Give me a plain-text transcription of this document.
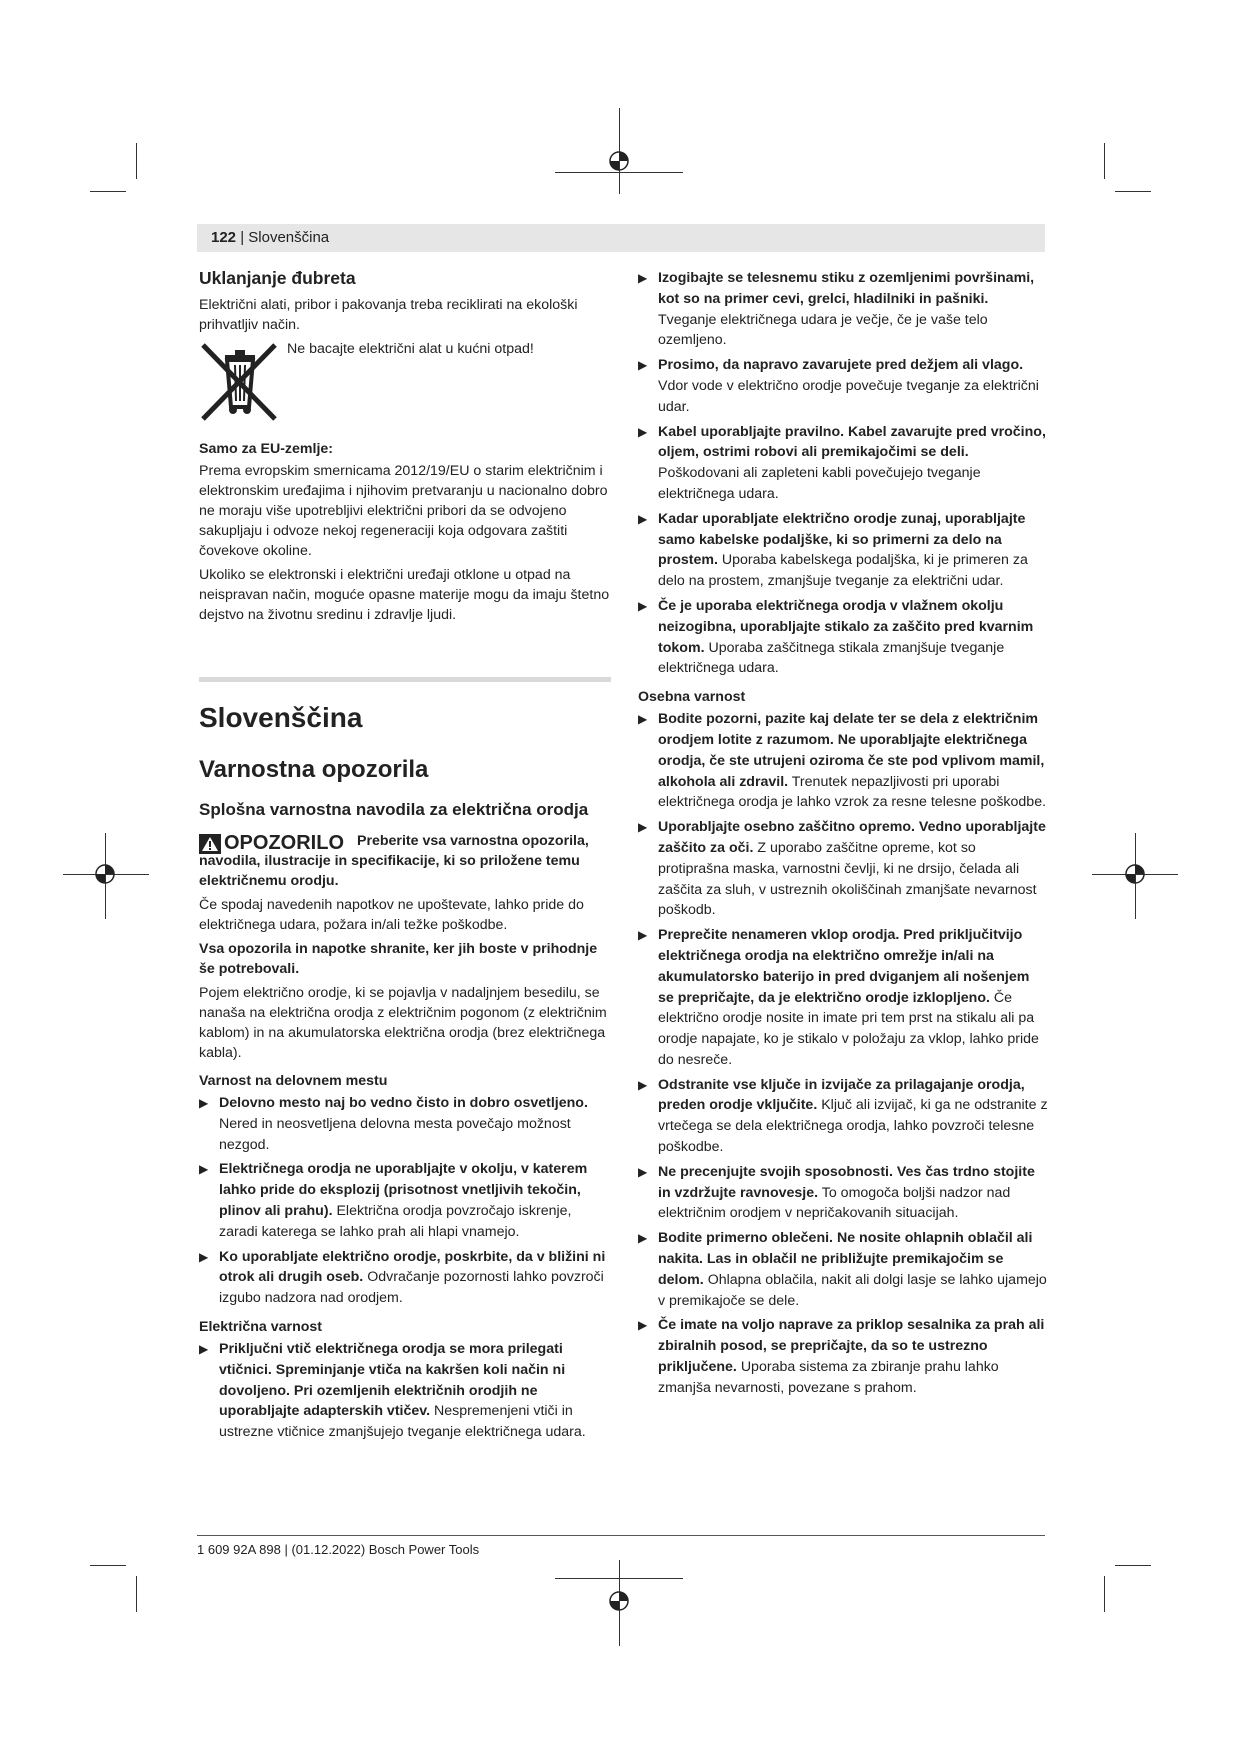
122 | Slovenščina
Uklanjanje đubreta
Električni alati, pribor i pakovanja treba reciklirati na ekološki prihvatljiv način.
Ne bacajte električni alat u kućni otpad!
Samo za EU-zemlje:
Prema evropskim smernicama 2012/19/EU o starim električnim i elektronskim uređajima i njihovim pretvaranju u nacionalno dobro ne moraju više upotrebljivi električni pribori da se odvojeno sakupljaju i odvoze nekoj regeneraciji koja odgovara zaštiti čovekove okoline.
Ukoliko se elektronski i električni uređaji otklone u otpad na neispravan način, moguće opasne materije mogu da imaju štetno dejstvo na životnu sredinu i zdravlje ljudi.
Slovenščina
Varnostna opozorila
Splošna varnostna navodila za električna orodja
OPOZORILO Preberite vsa varnostna opozorila, navodila, ilustracije in specifikacije, ki so priložene temu električnemu orodju.
Če spodaj navedenih napotkov ne upoštevate, lahko pride do električnega udara, požara in/ali težke poškodbe.
Vsa opozorila in napotke shranite, ker jih boste v prihodnje še potrebovali.
Pojem električno orodje, ki se pojavlja v nadaljnjem besedilu, se nanaša na električna orodja z električnim pogonom (z električnim kablom) in na akumulatorska električna orodja (brez električnega kabla).
Varnost na delovnem mestu
▶ Delovno mesto naj bo vedno čisto in dobro osvetljeno. Nered in neosvetljena delovna mesta povečajo možnost nezgod.
▶ Električnega orodja ne uporabljajte v okolju, v katerem lahko pride do eksplozij (prisotnost vnetljivih tekočin, plinov ali prahu). Električna orodja povzročajo iskrenje, zaradi katerega se lahko prah ali hlapi vnamejo.
▶ Ko uporabljate električno orodje, poskrbite, da v bližini ni otrok ali drugih oseb. Odvračanje pozornosti lahko povzroči izgubo nadzora nad orodjem.
Električna varnost
▶ Priključni vtič električnega orodja se mora prilegati vtičnici. Spreminjanje vtiča na kakršen koli način ni dovoljeno. Pri ozemljenih električnih orodjih ne uporabljajte adapterskih vtičev. Nespremenjeni vtiči in ustrezne vtičnice zmanjšujejo tveganje električnega udara.
▶ Izogibajte se telesnemu stiku z ozemljenimi površinami, kot so na primer cevi, grelci, hladilniki in pašniki. Tveganje električnega udara je večje, če je vaše telo ozemljeno.
▶ Prosimo, da napravo zavarujete pred dežjem ali vlago. Vdor vode v električno orodje povečuje tveganje za električni udar.
▶ Kabel uporabljajte pravilno. Kabel zavarujte pred vročino, oljem, ostrimi robovi ali premikajočimi se deli. Poškodovani ali zapleteni kabli povečujejo tveganje električnega udara.
▶ Kadar uporabljate električno orodje zunaj, uporabljajte samo kabelske podaljške, ki so primerni za delo na prostem. Uporaba kabelskega podaljška, ki je primeren za delo na prostem, zmanjšuje tveganje za električni udar.
▶ Če je uporaba električnega orodja v vlažnem okolju neizogibna, uporabljajte stikalo za zaščito pred kvarnim tokom. Uporaba zaščitnega stikala zmanjšuje tveganje električnega udara.
Osebna varnost
▶ Bodite pozorni, pazite kaj delate ter se dela z električnim orodjem lotite z razumom. Ne uporabljajte električnega orodja, če ste utrujeni oziroma če ste pod vplivom mamil, alkohola ali zdravil. Trenutek nepazljivosti pri uporabi električnega orodja je lahko vzrok za resne telesne poškodbe.
▶ Uporabljajte osebno zaščitno opremo. Vedno uporabljajte zaščito za oči. Z uporabo zaščitne opreme, kot so protiprašna maska, varnostni čevlji, ki ne drsijo, čelada ali zaščita za sluh, v ustreznih okoliščinah zmanjšate nevarnost poškodb.
▶ Preprečite nenameren vklop orodja. Pred priključitvijo električnega orodja na električno omrežje in/ali na akumulatorsko baterijo in pred dviganjem ali nošenjem se prepričajte, da je električno orodje izklopljeno. Če električno orodje nosite in imate pri tem prst na stikalu ali pa orodje napajate, ko je stikalo v položaju za vklop, lahko pride do nesreče.
▶ Odstranite vse ključe in izvijače za prilagajanje orodja, preden orodje vključite. Ključ ali izvijač, ki ga ne odstranite z vrtečega se dela električnega orodja, lahko povzroči telesne poškodbe.
▶ Ne precenjujte svojih sposobnosti. Ves čas trdno stojite in vzdržujte ravnovesje. To omogoča boljši nadzor nad električnim orodjem v nepričakovanih situacijah.
▶ Bodite primerno oblečeni. Ne nosite ohlapnih oblačil ali nakita. Las in oblačil ne približujte premikajočim se delom. Ohlapna oblačila, nakit ali dolgi lasje se lahko ujamejo v premikajoče se dele.
▶ Če imate na voljo naprave za priklop sesalnika za prah ali zbiralnih posod, se prepričajte, da so te ustrezno priključene. Uporaba sistema za zbiranje prahu lahko zmanjša nevarnosti, povezane s prahom.
1 609 92A 898 | (01.12.2022) Bosch Power Tools
